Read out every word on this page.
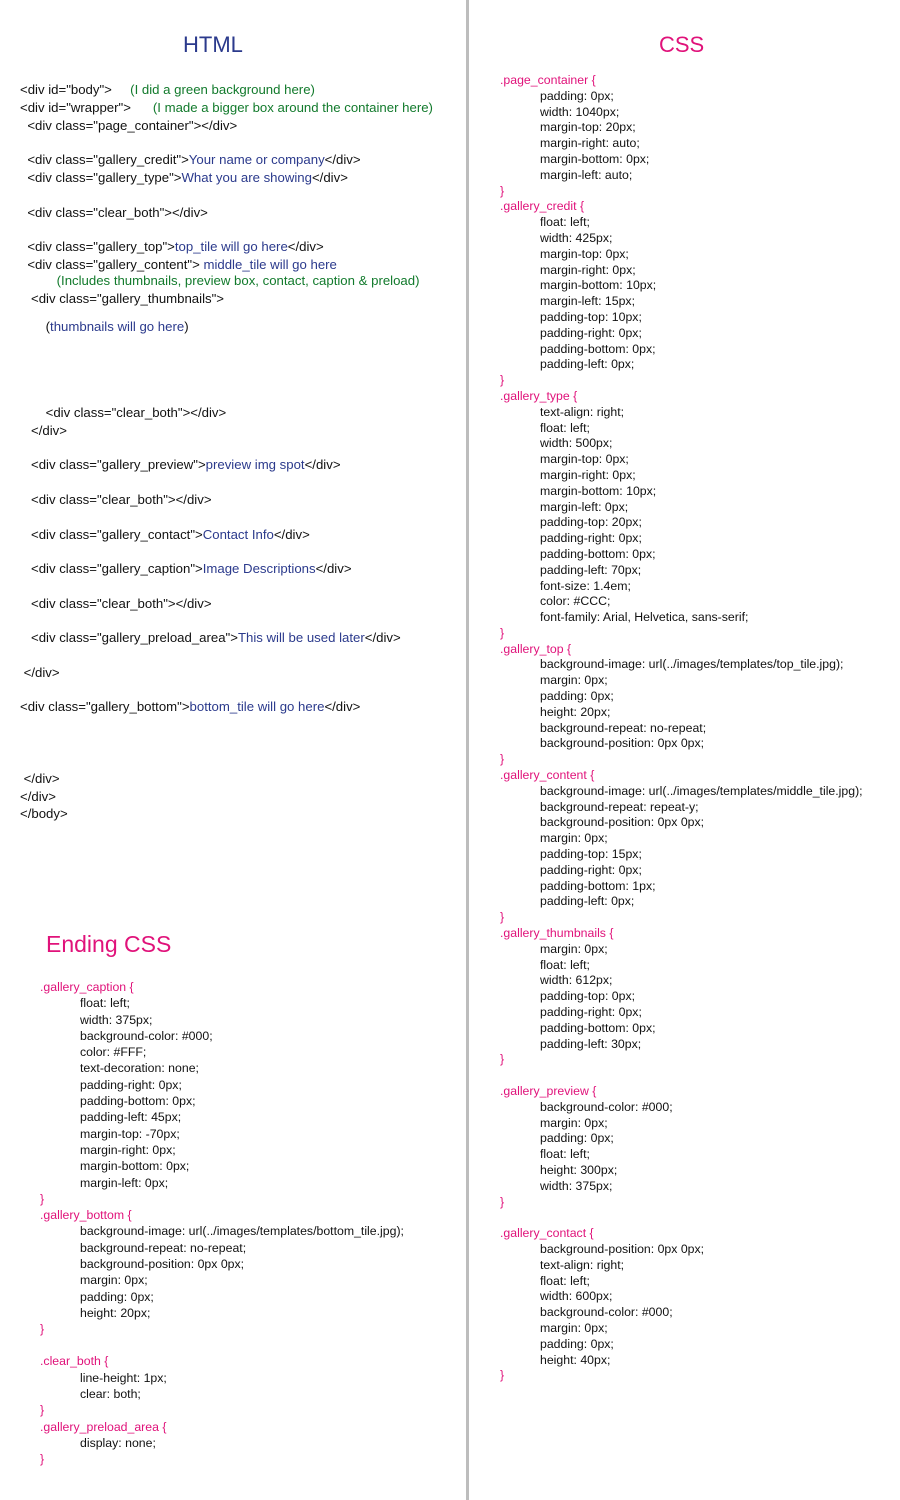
HTML	CSS
Ending CSS
<div id="body">     (I did a green background here)
<div id="wrapper">      (I made a bigger box around the container here)
<div class="page_container"></div>
<div class="gallery_credit">Your name or company</div>
<div class="gallery_type">What you are showing</div>
<div class="clear_both"></div>
<div class="gallery_top">top_tile will go here</div>
<div class="gallery_content"> middle_tile will go here
(Includes thumbnails, preview box, contact, caption & preload)
<div class="gallery_thumbnails">
(thumbnails will go here)
<div class="clear_both"></div>
</div>
<div class="gallery_preview">preview img spot</div>
<div class="clear_both"></div>
<div class="gallery_contact">Contact Info</div>
<div class="gallery_caption">Image Descriptions</div>
<div class="clear_both"></div>
<div class="gallery_preload_area">This will be used later</div>
</div>
<div class="gallery_bottom">bottom_tile will go here</div>
</div>
</div>
</body>
.page_container {
padding: 0px;
width: 1040px;
margin-top: 20px;
margin-right: auto;
margin-bottom: 0px;
margin-left: auto;
}
.gallery_credit {
float: left;
width: 425px;
margin-top: 0px;
margin-right: 0px;
margin-bottom: 10px;
margin-left: 15px;
padding-top: 10px;
padding-right: 0px;
padding-bottom: 0px;
padding-left: 0px;
}
.gallery_type {
text-align: right;
float: left;
width: 500px;
margin-top: 0px;
margin-right: 0px;
margin-bottom: 10px;
margin-left: 0px;
padding-top: 20px;
padding-right: 0px;
padding-bottom: 0px;
padding-left: 70px;
font-size: 1.4em;
color: #CCC;
font-family: Arial, Helvetica, sans-serif;
}
.gallery_top {
background-image: url(../images/templates/top_tile.jpg);
margin: 0px;
padding: 0px;
height: 20px;
background-repeat: no-repeat;
background-position: 0px 0px;
}
.gallery_content {
background-image: url(../images/templates/middle_tile.jpg);
background-repeat: repeat-y;
background-position: 0px 0px;
margin: 0px;
padding-top: 15px;
padding-right: 0px;
padding-bottom: 1px;
padding-left: 0px;
}
.gallery_thumbnails {
margin: 0px;
float: left;
width: 612px;
padding-top: 0px;
padding-right: 0px;
padding-bottom: 0px;
padding-left: 30px;
}
.gallery_preview {
background-color: #000;
margin: 0px;
padding: 0px;
float: left;
height: 300px;
width: 375px;
}
.gallery_contact {
background-position: 0px 0px;
text-align: right;
float: left;
width: 600px;
background-color: #000;
margin: 0px;
padding: 0px;
height: 40px;
}
.gallery_caption {
float: left;
width: 375px;
background-color: #000;
color: #FFF;
text-decoration: none;
padding-right: 0px;
padding-bottom: 0px;
padding-left: 45px;
margin-top: -70px;
margin-right: 0px;
margin-bottom: 0px;
margin-left: 0px;
}
.gallery_bottom {
background-image: url(../images/templates/bottom_tile.jpg);
background-repeat: no-repeat;
background-position: 0px 0px;
margin: 0px;
padding: 0px;
height: 20px;
}
.clear_both {
line-height: 1px;
clear: both;
}
.gallery_preload_area {
display: none;
}
